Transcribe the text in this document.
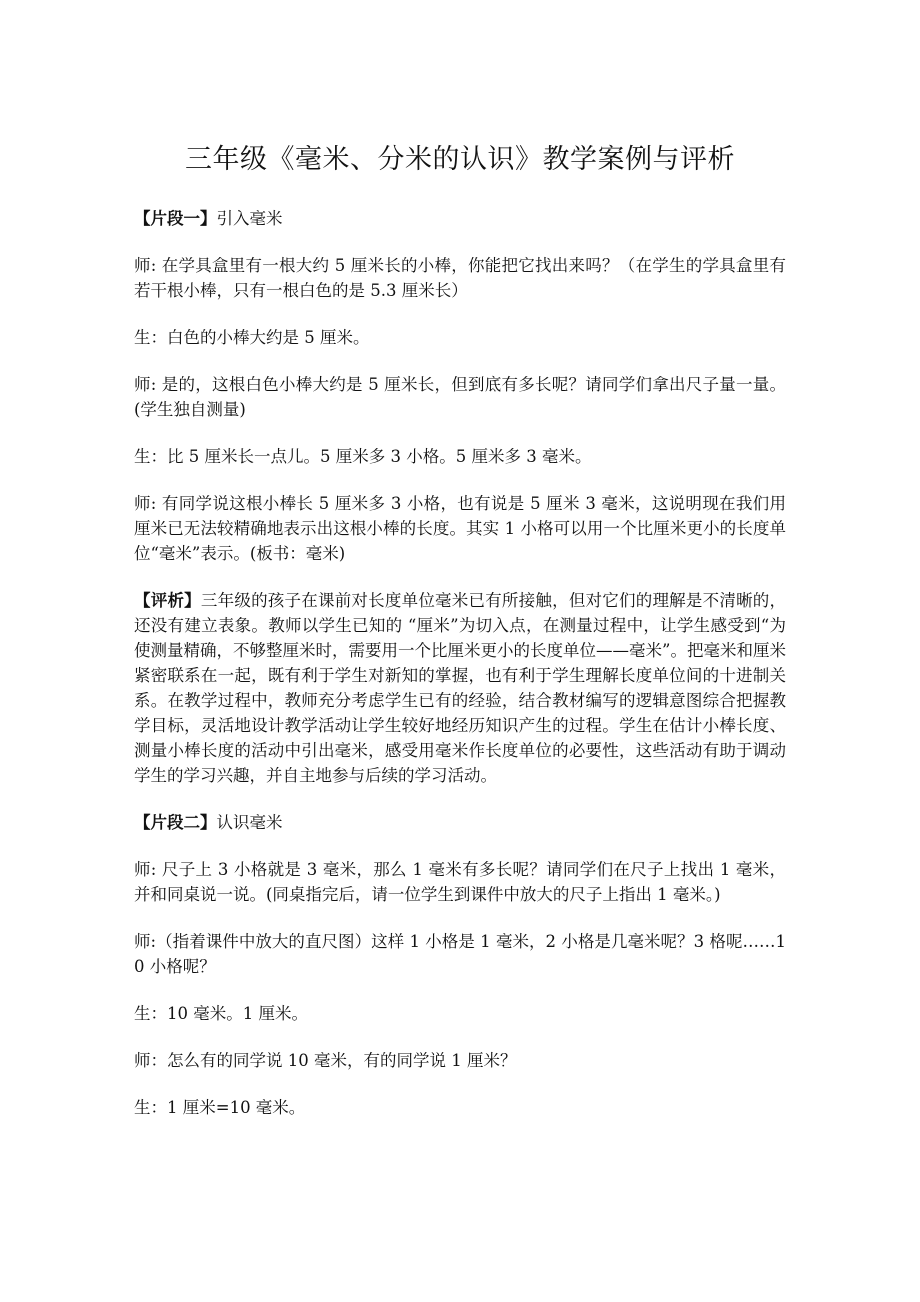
三年级《毫米、分米的认识》教学案例与评析
【片段一】引入毫米

师: 在学具盒里有一根大约 5 厘米长的小棒，你能把它找出来吗？（在学生的学具盒里有若干根小棒，只有一根白色的是 5.3 厘米长）

生：白色的小棒大约是 5 厘米。

师: 是的，这根白色小棒大约是 5 厘米长，但到底有多长呢？请同学们拿出尺子量一量。(学生独自测量)

生：比 5 厘米长一点儿。5 厘米多 3 小格。5 厘米多 3 毫米。

师: 有同学说这根小棒长 5 厘米多 3 小格，也有说是 5 厘米 3 毫米，这说明现在我们用厘米已无法较精确地表示出这根小棒的长度。其实 1 小格可以用一个比厘米更小的长度单位“毫米”表示。(板书：毫米)

【评析】三年级的孩子在课前对长度单位毫米已有所接触，但对它们的理解是不清晰的，还没有建立表象。教师以学生已知的 “厘米”为切入点，在测量过程中，让学生感受到“为使测量精确，不够整厘米时，需要用一个比厘米更小的长度单位——毫米”。把毫米和厘米紧密联系在一起，既有利于学生对新知的掌握，也有利于学生理解长度单位间的十进制关系。在教学过程中，教师充分考虑学生已有的经验，结合教材编写的逻辑意图综合把握教学目标，灵活地设计教学活动让学生较好地经历知识产生的过程。学生在估计小棒长度、测量小棒长度的活动中引出毫米，感受用毫米作长度单位的必要性，这些活动有助于调动学生的学习兴趣，并自主地参与后续的学习活动。

【片段二】认识毫米

师: 尺子上 3 小格就是 3 毫米，那么 1 毫米有多长呢？请同学们在尺子上找出 1 毫米，并和同桌说一说。(同桌指完后，请一位学生到课件中放大的尺子上指出 1 毫米。)

师:（指着课件中放大的直尺图）这样 1 小格是 1 毫米，2 小格是几毫米呢？3 格呢……10 小格呢？

生：10 毫米。1 厘米。

师：怎么有的同学说 10 毫米，有的同学说 1 厘米？

生：1 厘米=10 毫米。
